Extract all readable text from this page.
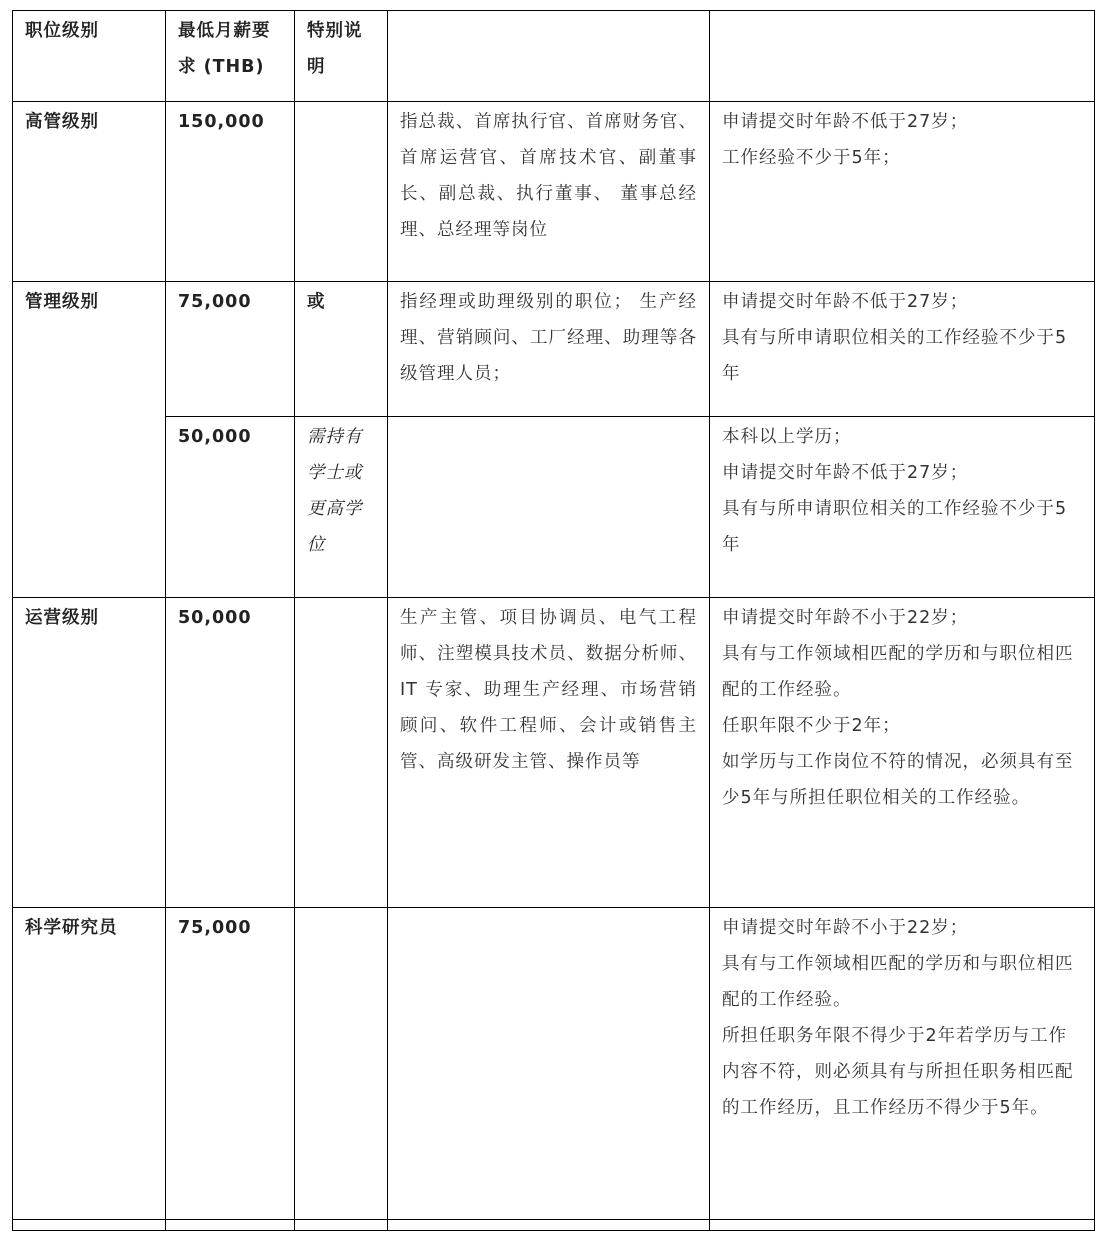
职位级别	最低月薪要求 (THB)	特别说明		
高管级别	150,000		指总裁、首席执行官、首席财务官、首席运营官、首席技术官、副董事长、副总裁、执行董事、 董事总经理、总经理等岗位	申请提交时年龄不低于27岁；
工作经验不少于5年；

管理级别	75,000	或	指经理或助理级别的职位； 生产经理、营销顾问、工厂经理、助理等各级管理人员；	申请提交时年龄不低于27岁；
具有与所申请职位相关的工作经验不少于5年

	50,000	需持有学士或更高学位		本科以上学历；
申请提交时年龄不低于27岁；
具有与所申请职位相关的工作经验不少于5年

运营级别	50,000		生产主管、项目协调员、电气工程师、注塑模具技术员、数据分析师、IT 专家、助理生产经理、市场营销顾问、软件工程师、会计或销售主管、高级研发主管、操作员等	申请提交时年龄不小于22岁；
具有与工作领域相匹配的学历和与职位相匹配的工作经验。
任职年限不少于2年；
如学历与工作岗位不符的情况，必须具有至少5年与所担任职位相关的工作经验。

科学研究员	75,000			申请提交时年龄不小于22岁；
具有与工作领域相匹配的学历和与职位相匹配的工作经验。
所担任职务年限不得少于2年若学历与工作内容不符，则必须具有与所担任职务相匹配的工作经历，且工作经历不得少于5年。
